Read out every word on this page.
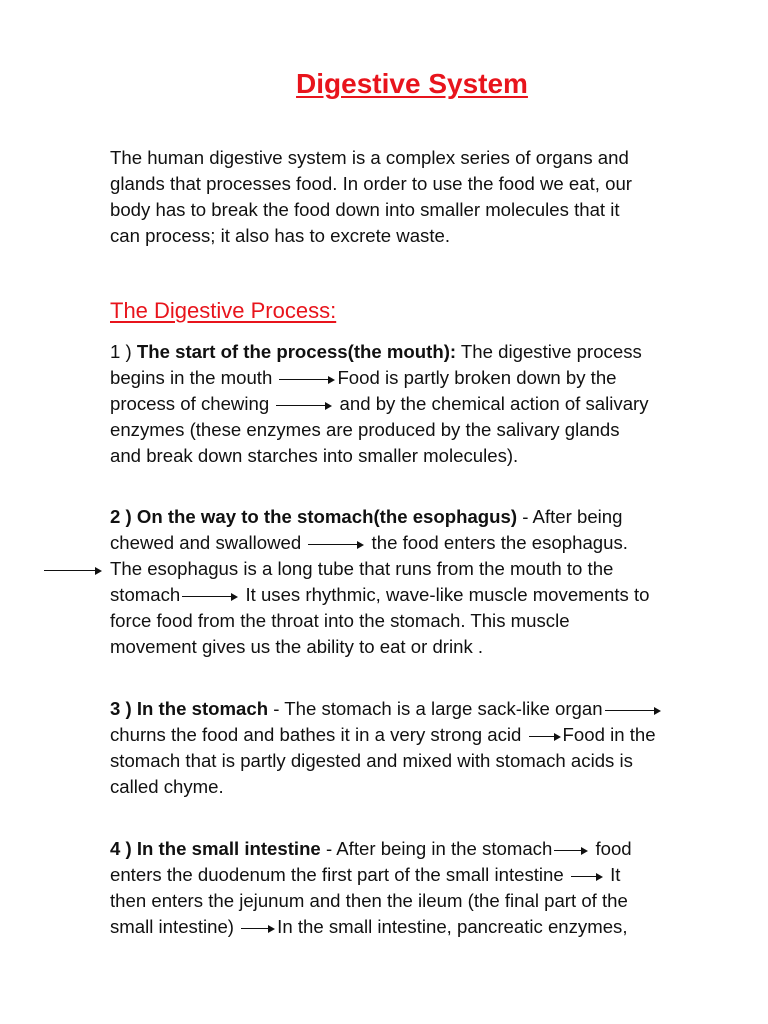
Digestive System
The human digestive system is a complex series of organs and
glands that processes food. In order to use the food we eat, our
body has to break the food down into smaller molecules that it
can process; it also has to excrete waste.
The Digestive Process:
1 ) The start of the process(the mouth): The digestive process
begins in the mouth	Food is partly broken down by the
process of chewing	and by the chemical action of salivary
enzymes (these enzymes are produced by the salivary glands
and break down starches into smaller molecules).
2 ) On the way to the stomach(the esophagus) - After being
chewed and swallowed	the food enters the esophagus.
The esophagus is a long tube that runs from the mouth to the
stomach	It uses rhythmic, wave-like muscle movements to
force food from the throat into the stomach. This muscle
movement gives us the ability to eat or drink .
3 ) In the stomach - The stomach is a large sack-like organ
churns the food and bathes it in a very strong acid Food in the
stomach that is partly digested and mixed with stomach acids is
called chyme.
4 ) In the small intestine - After being in the stomach food
enters the duodenum the first part of the small intestine  It
then enters the jejunum and then the ileum (the final part of the
small intestine) In the small intestine, pancreatic enzymes,
